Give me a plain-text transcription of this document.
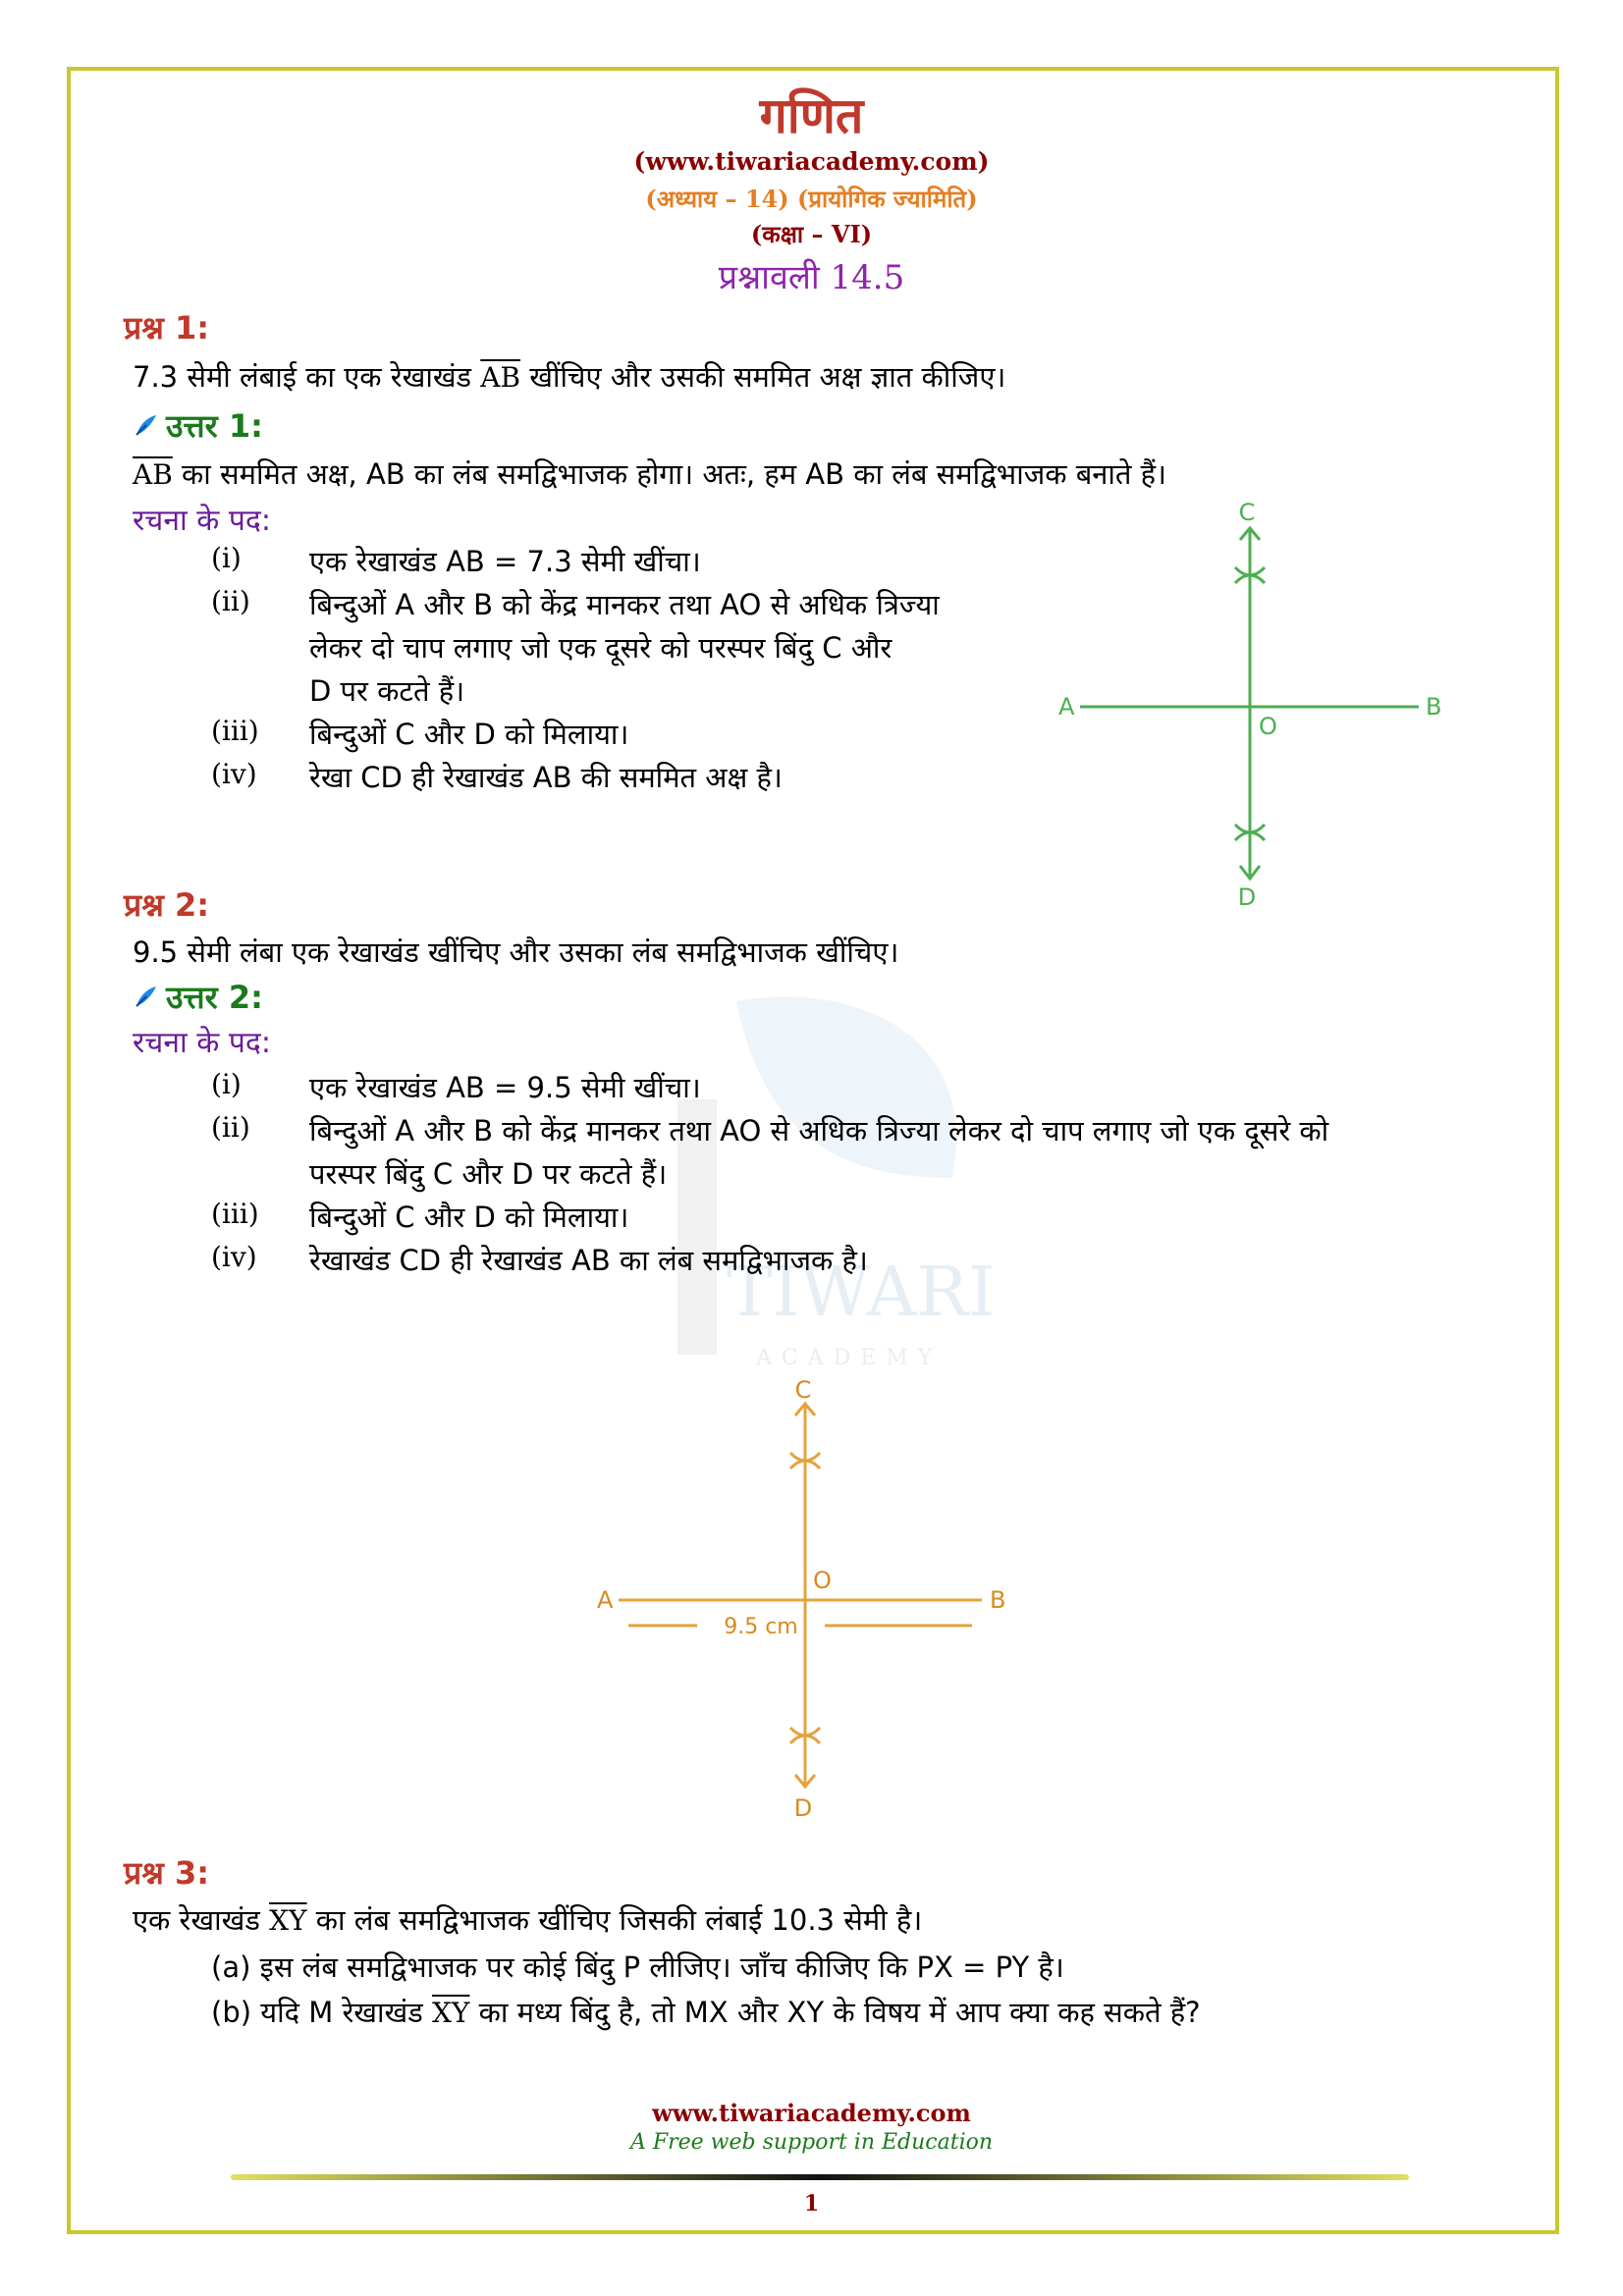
TIWARI
ACADEMY
गणित
(www.tiwariacademy.com)
(अध्याय – 14) (प्रायोगिक ज्यामिति)
(कक्षा – VI)
प्रश्नावली 14.5
प्रश्न 1:
7.3 सेमी लंबाई का एक रेखाखंड $\overline{AB}$ खींचिए और उसकी सममित अक्ष ज्ञात कीजिए।
उत्तर 1:
$\overline{AB}$ का सममित अक्ष, AB का लंब समद्विभाजक होगा। अतः, हम AB का लंब समद्विभाजक बनाते हैं।
रचना के पद:
(i) एक रेखाखंड AB = 7.3 सेमी खींचा।
(ii) बिन्दुओं A और B को केंद्र मानकर तथा AO से अधिक त्रिज्या
लेकर दो चाप लगाए जो एक दूसरे को परस्पर बिंदु C और
D पर कटते हैं।
(iii) बिन्दुओं C और D को मिलाया।
(iv) रेखा CD ही रेखाखंड AB की सममित अक्ष है।
C
A	B
O
D
प्रश्न 2:
9.5 सेमी लंबा एक रेखाखंड खींचिए और उसका लंब समद्विभाजक खींचिए।
उत्तर 2:
रचना के पद:
(i) एक रेखाखंड AB = 9.5 सेमी खींचा।
(ii) बिन्दुओं A और B को केंद्र मानकर तथा AO से अधिक त्रिज्या लेकर दो चाप लगाए जो एक दूसरे को
परस्पर बिंदु C और D पर कटते हैं।
(iii) बिन्दुओं C और D को मिलाया।
(iv) रेखाखंड CD ही रेखाखंड AB का लंब समद्विभाजक है।
C
A	B
O
9.5 cm
D
प्रश्न 3:
एक रेखाखंड $\overline{XY}$ का लंब समद्विभाजक खींचिए जिसकी लंबाई 10.3 सेमी है।
(a) इस लंब समद्विभाजक पर कोई बिंदु P लीजिए। जाँच कीजिए कि PX = PY है।
(b) यदि M रेखाखंड $\overline{XY}$ का मध्य बिंदु है, तो MX और XY के विषय में आप क्या कह सकते हैं?
www.tiwariacademy.com
A Free web support in Education
1
